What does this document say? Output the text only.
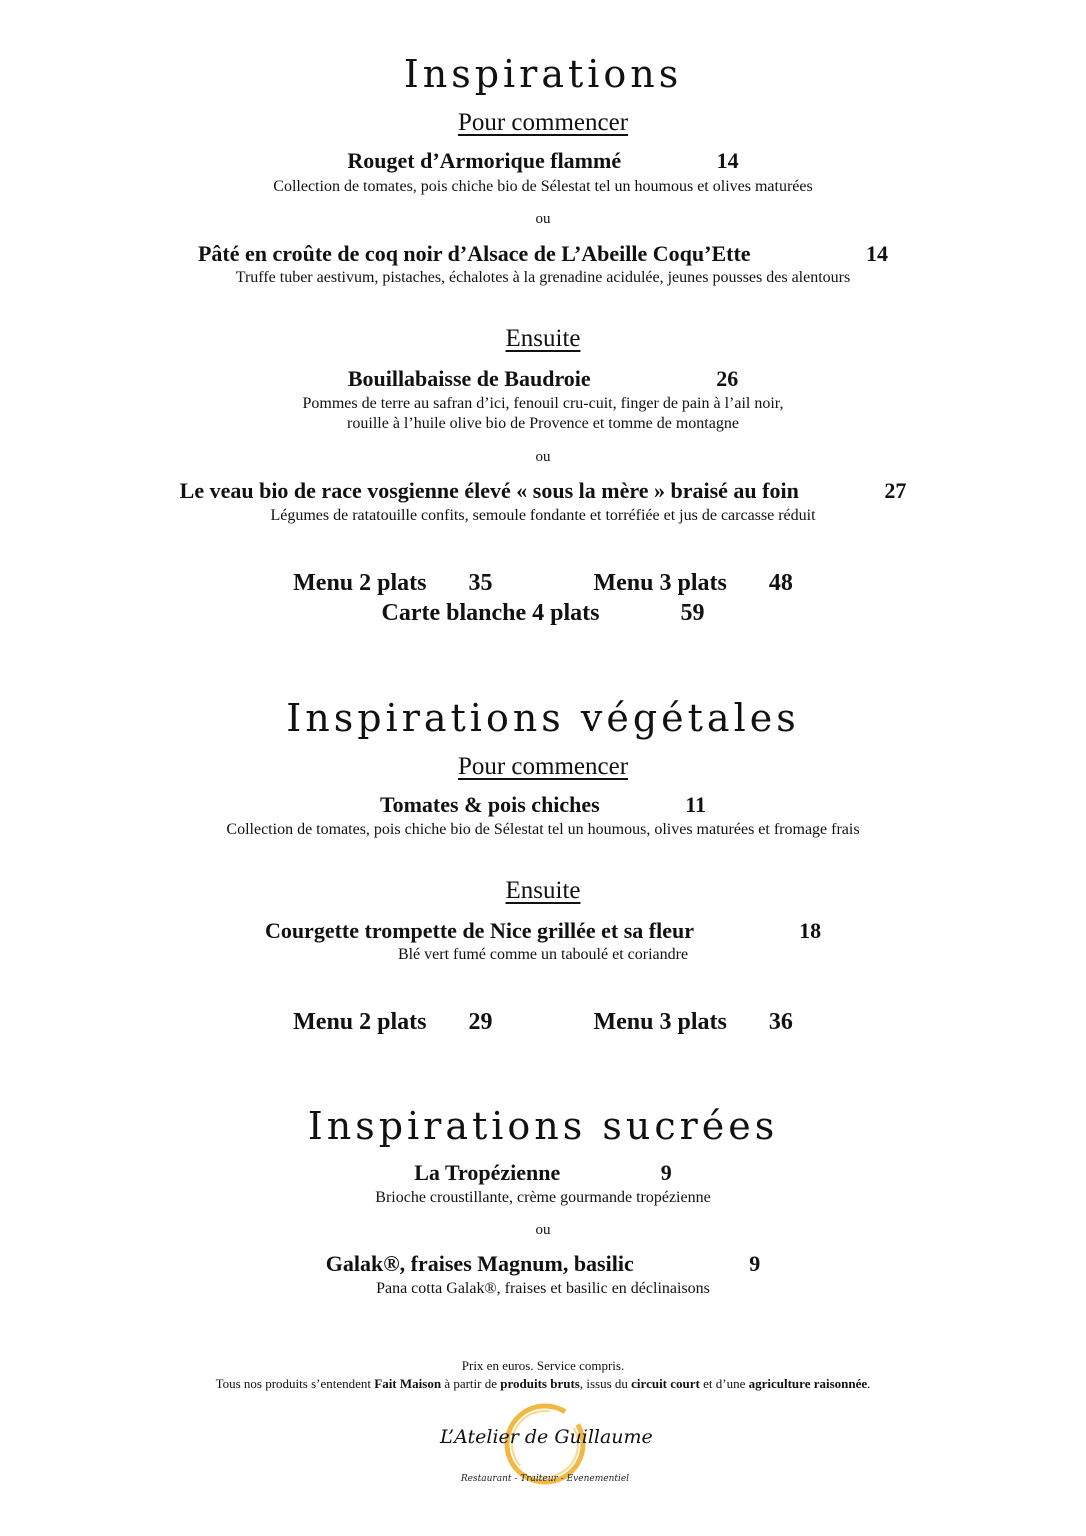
Inspirations
Pour commencer
Rouget d’Armorique flammé	14
Collection de tomates, pois chiche bio de Sélestat tel un houmous et olives maturées
ou
Pâté en croûte de coq noir d’Alsace de L’Abeille Coqu’Ette	14
Truffe tuber aestivum, pistaches, échalotes à la grenadine acidulée, jeunes pousses des alentours
Ensuite
Bouillabaisse de Baudroie	26
Pommes de terre au safran d’ici, fenouil cru-cuit, finger de pain à l’ail noir,
rouille à l’huile olive bio de Provence et tomme de montagne
ou
Le veau bio de race vosgienne élevé « sous la mère » braisé au foin	27
Légumes de ratatouille confits, semoule fondante et torréfiée et jus de carcasse réduit
Menu 2 plats 35	Menu 3 plats 48
Carte blanche 4 plats	59
Inspirations végétales
Pour commencer
Tomates & pois chiches	11
Collection de tomates, pois chiche bio de Sélestat tel un houmous, olives maturées et fromage frais
Ensuite
Courgette trompette de Nice grillée et sa fleur	18
Blé vert fumé comme un taboulé et coriandre
Menu 2 plats 29	Menu 3 plats 36
Inspirations sucrées
La Tropézienne	9
Brioche croustillante, crème gourmande tropézienne
ou
Galak®, fraises Magnum, basilic	9
Pana cotta Galak®, fraises et basilic en déclinaisons
Prix en euros. Service compris.
Tous nos produits s’entendent Fait Maison à partir de produits bruts, issus du circuit court et d’une agriculture raisonnée.
L’Atelier de Guillaume
Restaurant - Traiteur - Evenementiel
